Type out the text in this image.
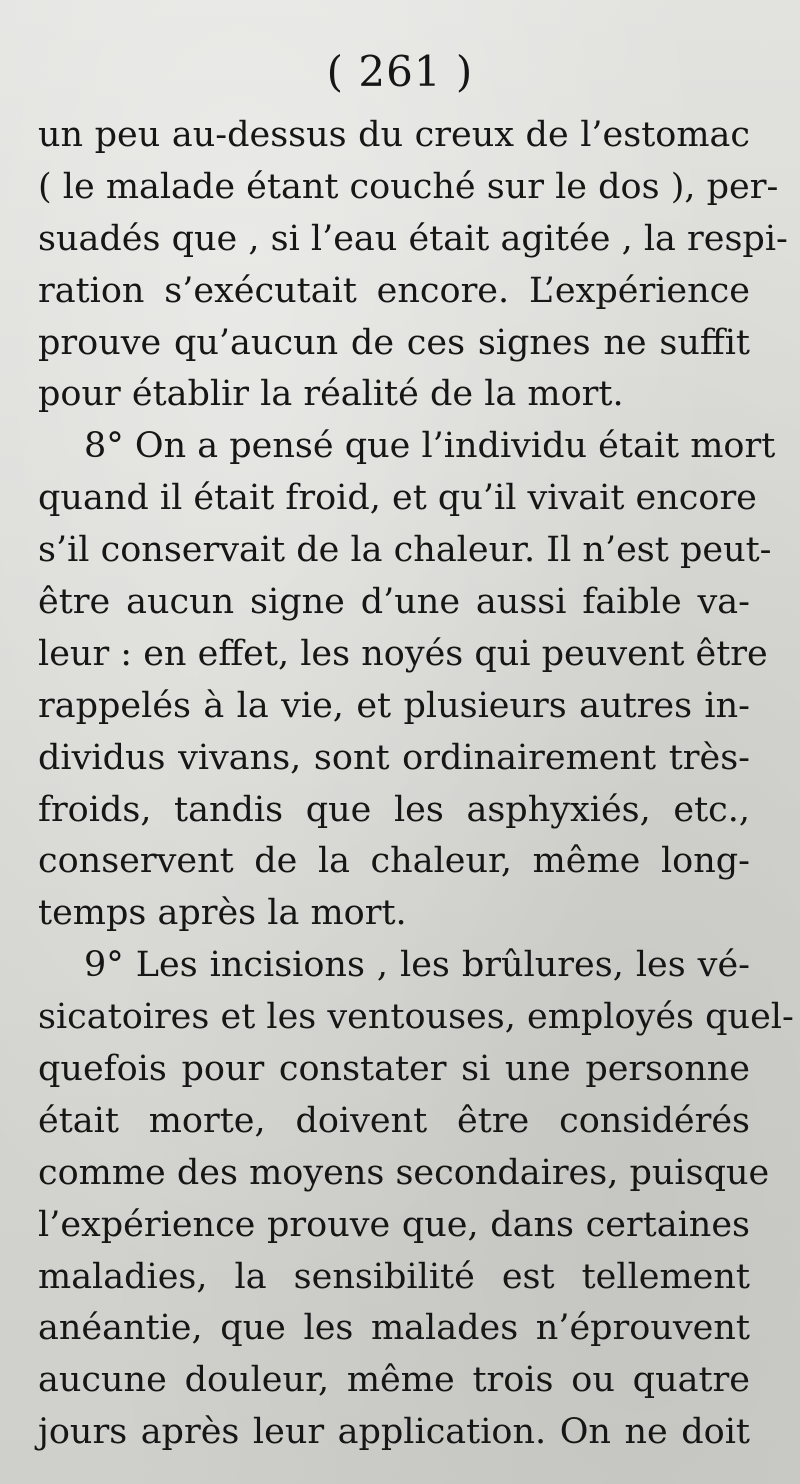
( 261 )

un peu au-dessus du creux de l’estomac
( le malade étant couché sur le dos ), per-
suadés que , si l’eau était agitée , la respi-
ration s’exécutait encore. L’expérience
prouve qu’aucun de ces signes ne suffit
pour établir la réalité de la mort.
8° On a pensé que l’individu était mort
quand il était froid, et qu’il vivait encore
s’il conservait de la chaleur. Il n’est peut-
être aucun signe d’une aussi faible va-
leur : en effet, les noyés qui peuvent être
rappelés à la vie, et plusieurs autres in-
dividus vivans, sont ordinairement très-
froids, tandis que les asphyxiés, etc.,
conservent de la chaleur, même long-
temps après la mort.
9° Les incisions , les brûlures, les vé-
sicatoires et les ventouses, employés quel-
quefois pour constater si une personne
était morte, doivent être considérés
comme des moyens secondaires, puisque
l’expérience prouve que, dans certaines
maladies, la sensibilité est tellement
anéantie, que les malades n’éprouvent
aucune douleur, même trois ou quatre
jours après leur application. On ne doit
